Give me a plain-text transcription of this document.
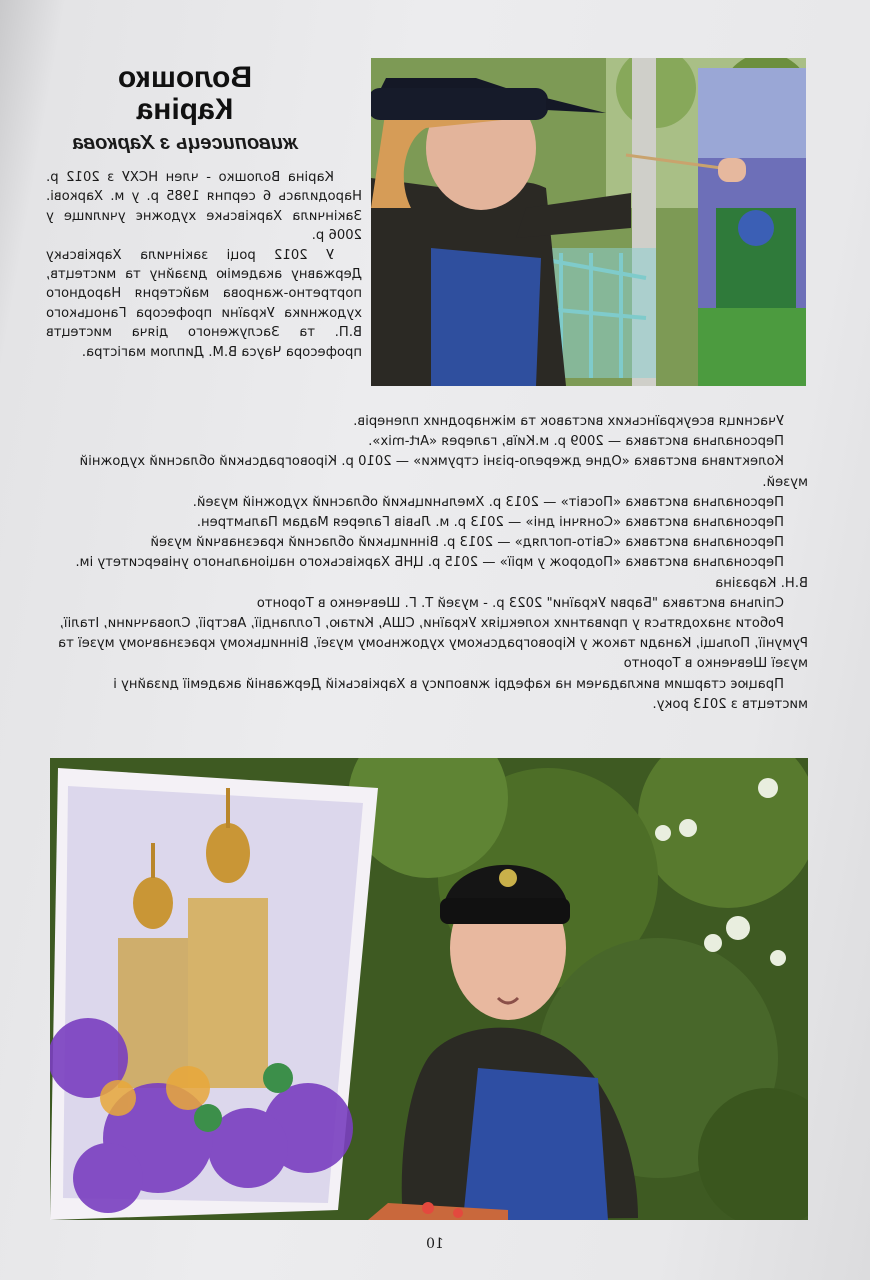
Волошко
Каріна
живописець з Харкова

Каріна Волошко - член НСХУ з 2012 р. Народилась 6 серпня 1985 р. у м. Харкові. Закінчила Харківське художнє училище у 2006 р.

У 2012 році закінчила Харківську Державну академію дизайну та мистецтв, портретно-жанрова майстерня Народного художника України професора Ганоцького В.П. та Заслуженого діяча мистецтв професора Чауса В.М. Диплом магістра.

Учасниця всеукраїнських виставок та міжнародних пленерів.

Персональна виставка — 2009 р. м.Київ, галерея «Art-mix».

Колективна виставка «Одне джерело-різні струмки» — 2010 р. Кіровоградський обласний художній музей.

Персональна виставка «Посвіт» — 2013 р. Хмельницький обласний художній музей.

Персональна виставка «Сонячні дні» — 2013 р. м. Львів Галерея Мадам Пальмтрен.

Персональна виставка «Світо-погляд» — 2013 р. Вінницький обласний краєзнавчий музей

Персональна виставка «Подорож у мрії» — 2015 р. ЦНБ Харківського національного університету ім. В.Н. Каразіна

Спільна виставка "Барви України" 2023 р. - музей Т. Г. Шевченко в Торонто

Роботи знаходяться у приватних колекціях України, США, Китаю, Голландії, Австрії, Словаччини, Італії, Румунії, Польщі, Канади також у Кіровоградському художньому музеї, Вінницькому краєзнавчому музеї та музеї Шевченко в Торонто

Працює старшим викладачем на кафедрі живопису в Харківській Державній академії дизайну і мистецтв з 2013 року.

10
